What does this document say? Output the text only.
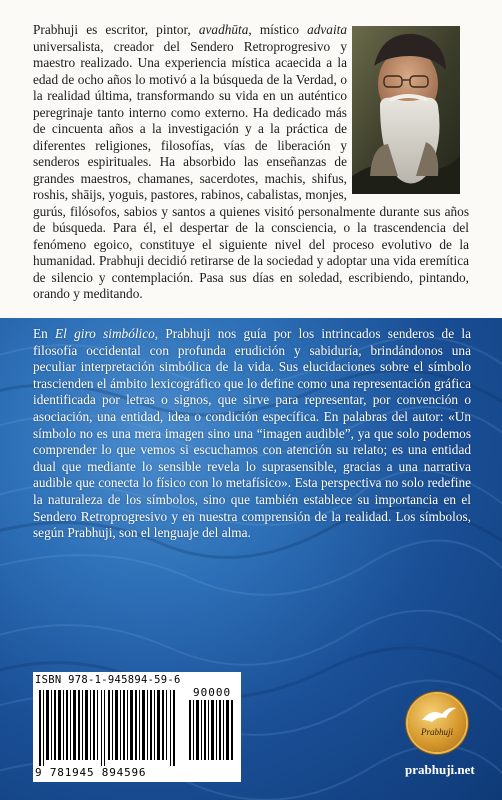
Prabhuji es escritor, pintor, avadhūta, místico advaita universalista, creador del Sendero Retroprogresivo y maestro realizado. Una experiencia mística acaecida a la edad de ocho años lo motivó a la búsqueda de la Verdad, o la realidad última, transformando su vida en un auténtico peregrinaje tanto interno como externo. Ha dedicado más de cincuenta años a la investigación y a la práctica de diferentes religiones, filosofías, vías de liberación y senderos espirituales. Ha absorbido las enseñanzas de grandes maestros, chamanes, sacerdotes, machis, shifus, roshis, shāijs, yoguis, pastores, rabinos, cabalistas, monjes, gurús, filósofos, sabios y santos a quienes visitó personalmente durante sus años de búsqueda. Para él, el despertar de la consciencia, o la trascendencia del fenómeno egoico, constituye el siguiente nivel del proceso evolutivo de la humanidad. Prabhuji decidió retirarse de la sociedad y adoptar una vida eremítica de silencio y contemplación. Pasa sus días en soledad, escribiendo, pintando, orando y meditando.

En El giro simbólico, Prabhuji nos guía por los intrincados senderos de la filosofía occidental con profunda erudición y sabiduría, brindándonos una peculiar interpretación simbólica de la vida. Sus elucidaciones sobre el símbolo trascienden el ámbito lexicográfico que lo define como una representación gráfica identificada por letras o signos, que sirve para representar, por convención o asociación, una entidad, idea o condición específica. En palabras del autor: «Un símbolo no es una mera imagen sino una “imagen audible”, ya que solo podemos comprender lo que vemos si escuchamos con atención su relato; es una entidad dual que mediante lo sensible revela lo suprasensible, gracias a una narrativa audible que conecta lo físico con lo metafísico». Esta perspectiva no solo redefine la naturaleza de los símbolos, sino que también establece su importancia en el Sendero Retroprogresivo y en nuestra comprensión de la realidad. Los símbolos, según Prabhuji, son el lenguaje del alma.

ISBN 978-1-945894-59-6
90000
9 781945 894596
Prabhuji
prabhuji.net
